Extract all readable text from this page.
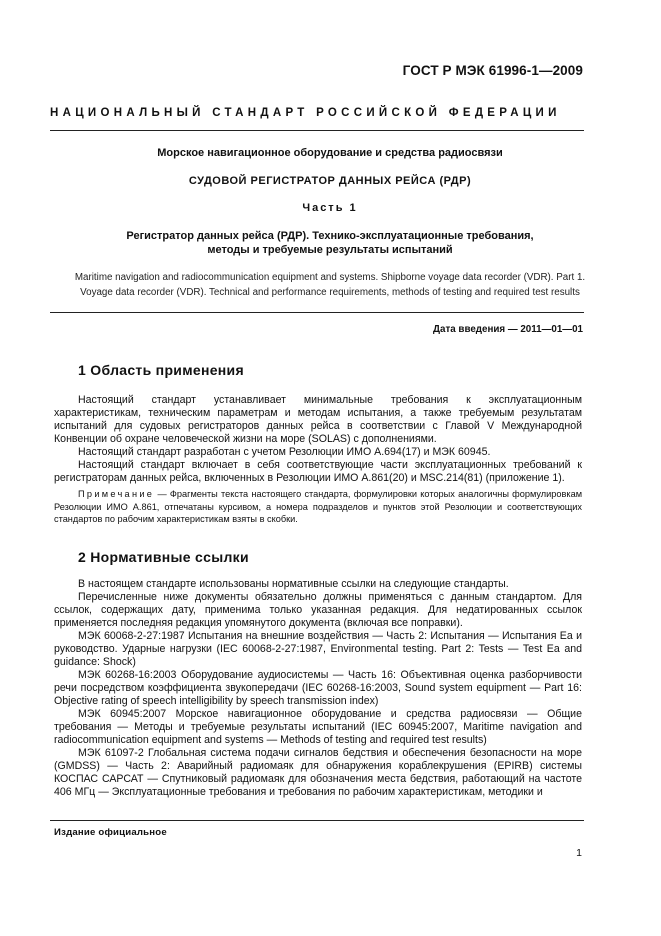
ГОСТ Р МЭК 61996-1—2009
НАЦИОНАЛЬНЫЙ СТАНДАРТ РОССИЙСКОЙ ФЕДЕРАЦИИ
Морское навигационное оборудование и средства радиосвязи
СУДОВОЙ РЕГИСТРАТОР ДАННЫХ РЕЙСА (РДР)
Часть 1
Регистратор данных рейса (РДР). Технико-эксплуатационные требования,
методы и требуемые результаты испытаний
Maritime navigation and radiocommunication equipment and systems. Shipborne voyage data recorder (VDR). Part 1.
Voyage data recorder (VDR). Technical and performance requirements, methods of testing and required test results
Дата введения — 2011—01—01
1 Область применения

Настоящий стандарт устанавливает минимальные требования к эксплуатационным характеристикам, техническим параметрам и методам испытания, а также требуемым результатам испытаний для судовых регистраторов данных рейса в соответствии с Главой V Международной Конвенции об охране человеческой жизни на море (SOLAS) с дополнениями.

Настоящий стандарт разработан с учетом Резолюции ИМО А.694(17) и МЭК 60945.

Настоящий стандарт включает в себя соответствующие части эксплуатационных требований к регистраторам данных рейса, включенных в Резолюции ИМО А.861(20) и MSC.214(81) (приложение 1).

Примечание — Фрагменты текста настоящего стандарта, формулировки которых аналогичны формулировкам Резолюции ИМО А.861, отпечатаны курсивом, а номера подразделов и пунктов этой Резолюции и соответствующих стандартов по рабочим характеристикам взяты в скобки.

2 Нормативные ссылки

В настоящем стандарте использованы нормативные ссылки на следующие стандарты.

Перечисленные ниже документы обязательно должны применяться с данным стандартом. Для ссылок, содержащих дату, применима только указанная редакция. Для недатированных ссылок применяется последняя редакция упомянутого документа (включая все поправки).

МЭК 60068-2-27:1987 Испытания на внешние воздействия — Часть 2: Испытания — Испытания Еа и руководство. Ударные нагрузки (IEC 60068-2-27:1987, Environmental testing. Part 2: Tests — Test Ea and guidance: Shock)

МЭК 60268-16:2003 Оборудование аудиосистемы — Часть 16: Объективная оценка разборчивости речи посредством коэффициента звукопередачи (IEC 60268-16:2003, Sound system equipment — Part 16: Objective rating of speech intelligibility by speech transmission index)

МЭК 60945:2007 Морское навигационное оборудование и средства радиосвязи — Общие требования — Методы и требуемые результаты испытаний (IEC 60945:2007, Maritime navigation and radiocommunication equipment and systems — Methods of testing and required test results)

МЭК 61097-2 Глобальная система подачи сигналов бедствия и обеспечения безопасности на море (GMDSS) — Часть 2: Аварийный радиомаяк для обнаружения кораблекрушения (EPIRB) системы КОСПАС САРСАТ — Спутниковый радиомаяк для обозначения места бедствия, работающий на частоте 406 МГц — Эксплуатационные требования и требования по рабочим характеристикам, методики и

Издание официальное
1
